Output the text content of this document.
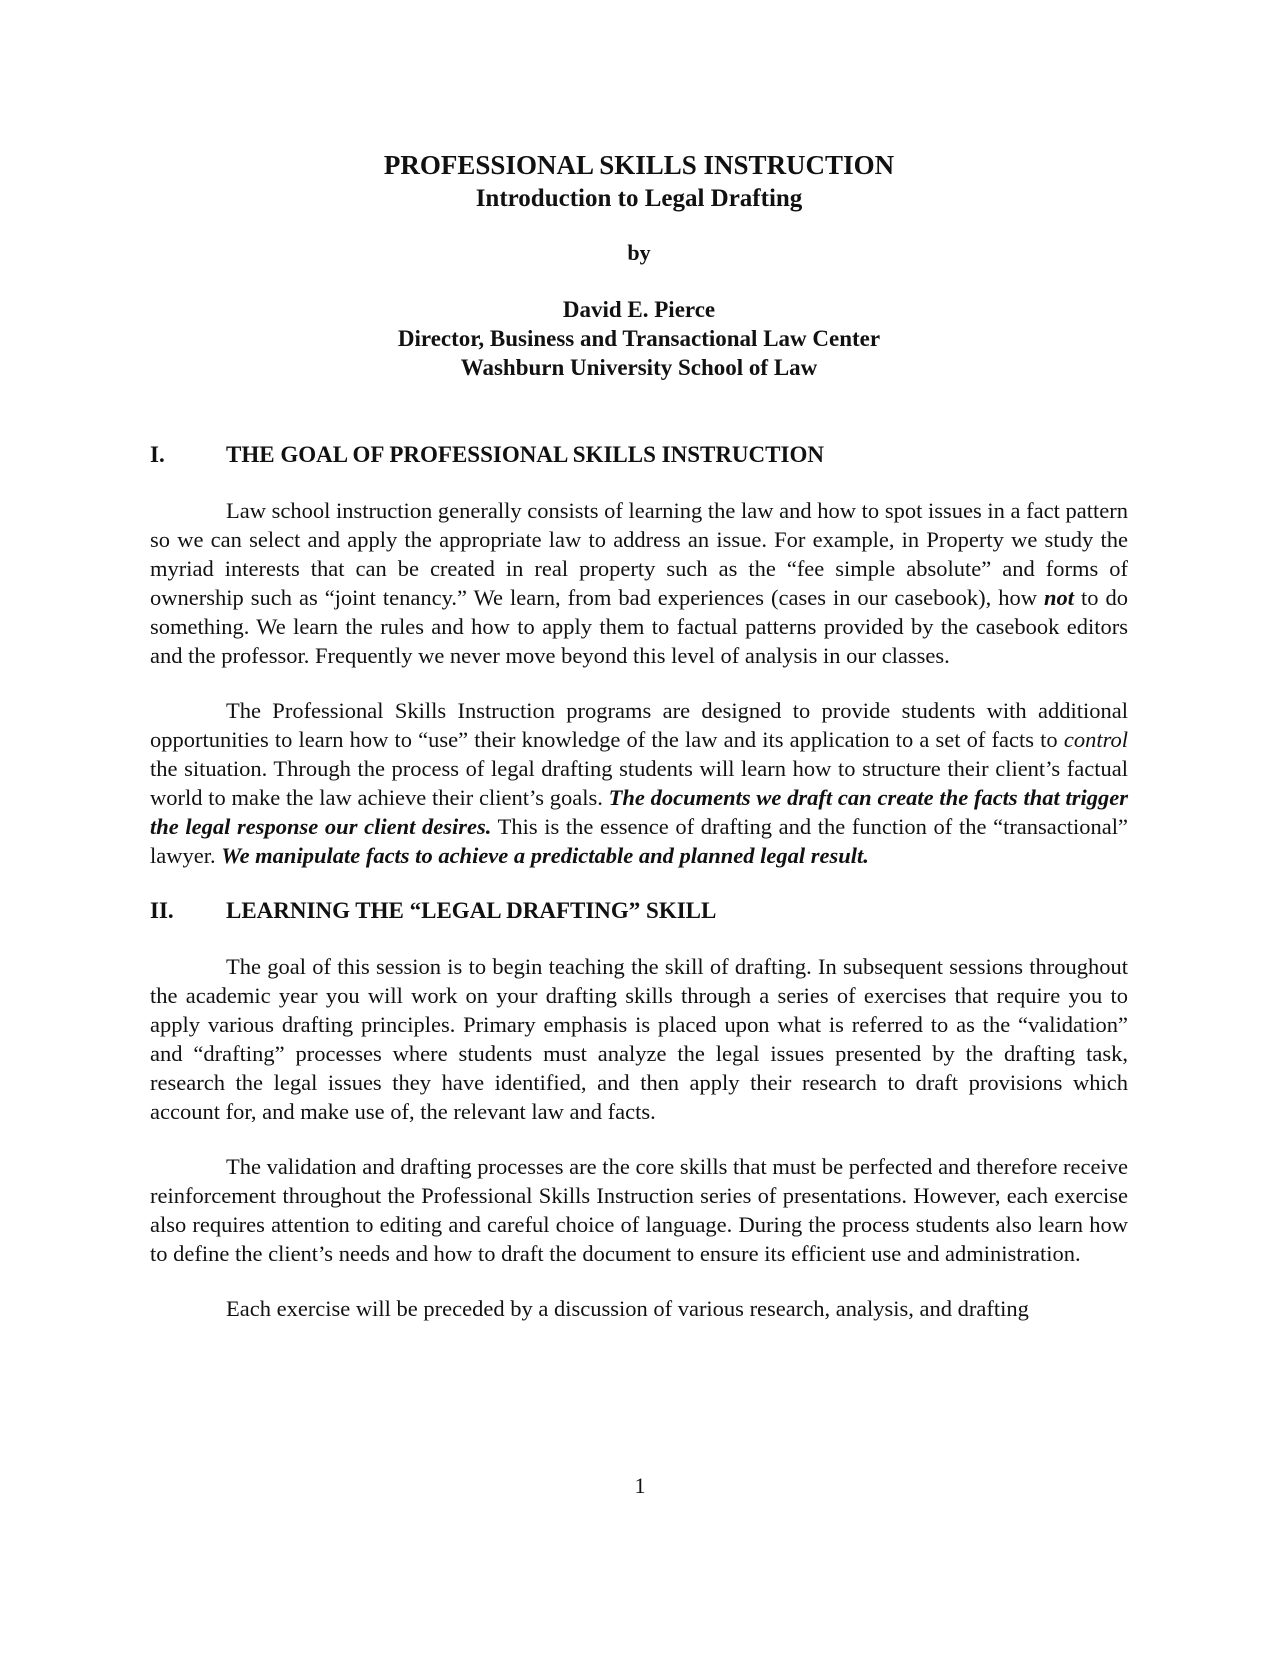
PROFESSIONAL SKILLS INSTRUCTION
Introduction to Legal Drafting
by
David E. Pierce
Director, Business and Transactional Law Center
Washburn University School of Law
I.	THE GOAL OF PROFESSIONAL SKILLS INSTRUCTION

Law school instruction generally consists of learning the law and how to spot issues in a fact pattern so we can select and apply the appropriate law to address an issue. For example, in Property we study the myriad interests that can be created in real property such as the “fee simple absolute” and forms of ownership such as “joint tenancy.” We learn, from bad experiences (cases in our casebook), how not to do something. We learn the rules and how to apply them to factual patterns provided by the casebook editors and the professor. Frequently we never move beyond this level of analysis in our classes.

The Professional Skills Instruction programs are designed to provide students with additional opportunities to learn how to “use” their knowledge of the law and its application to a set of facts to control the situation. Through the process of legal drafting students will learn how to structure their client’s factual world to make the law achieve their client’s goals. The documents we draft can create the facts that trigger the legal response our client desires. This is the essence of drafting and the function of the “transactional” lawyer. We manipulate facts to achieve a predictable and planned legal result.

II.	LEARNING THE “LEGAL DRAFTING” SKILL

The goal of this session is to begin teaching the skill of drafting. In subsequent sessions throughout the academic year you will work on your drafting skills through a series of exercises that require you to apply various drafting principles. Primary emphasis is placed upon what is referred to as the “validation” and “drafting” processes where students must analyze the legal issues presented by the drafting task, research the legal issues they have identified, and then apply their research to draft provisions which account for, and make use of, the relevant law and facts.

The validation and drafting processes are the core skills that must be perfected and therefore receive reinforcement throughout the Professional Skills Instruction series of presentations. However, each exercise also requires attention to editing and careful choice of language. During the process students also learn how to define the client’s needs and how to draft the document to ensure its efficient use and administration.

Each exercise will be preceded by a discussion of various research, analysis, and drafting

1
